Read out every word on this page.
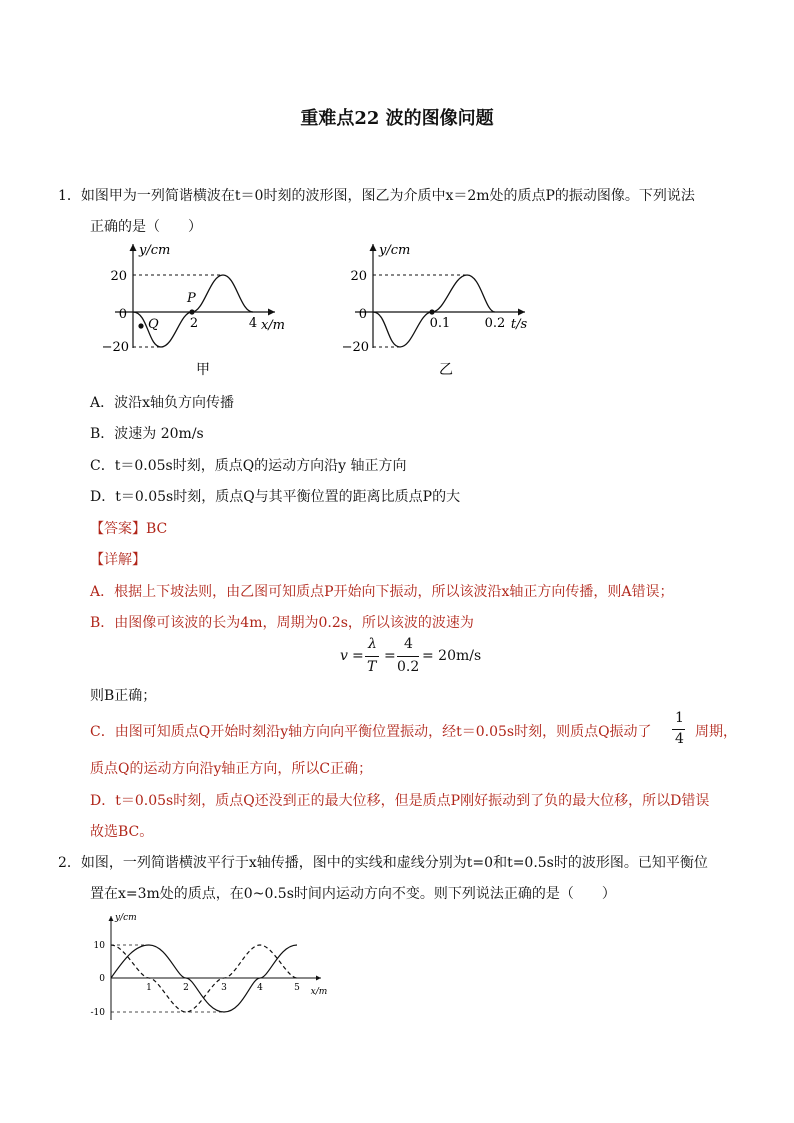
重难点22 波的图像问题
1．如图甲为一列简谐横波在t＝0时刻的波形图，图乙为介质中x＝2m处的质点P的振动图像。下列说法
正确的是（　　）
y/cm
x/m
20
0
−20
2	4
P
Q
甲
y/cm
t/s
20
0
−20
0.1	0.2
乙
A．波沿x轴负方向传播
B．波速为 20m/s
C．t＝0.05s时刻，质点Q的运动方向沿y 轴正方向
D．t＝0.05s时刻，质点Q与其平衡位置的距离比质点P的大
【答案】BC
【详解】
A．根据上下坡法则，由乙图可知质点P开始向下振动，所以该波沿x轴正方向传播，则A错误；
B．由图像可该波的长为4m，周期为0.2s，所以该波的波速为
v =
λ
T
=
4
0.2
= 20m/s
则B正确；
C．由图可知质点Q开始时刻沿y轴方向向平衡位置振动，经t＝0.05s时刻，则质点Q振动了
1
4 周期，
质点Q的运动方向沿y轴正方向，所以C正确；
D．t＝0.05s时刻，质点Q还没到正的最大位移，但是质点P刚好振动到了负的最大位移，所以D错误
故选BC。
2．如图，一列简谐横波平行于x轴传播，图中的实线和虚线分别为t=0和t=0.5s时的波形图。已知平衡位
置在x=3m处的质点，在0~0.5s时间内运动方向不变。则下列说法正确的是（　　）
y/cm
x/m
10
0
-10
1	2	3	4	5
